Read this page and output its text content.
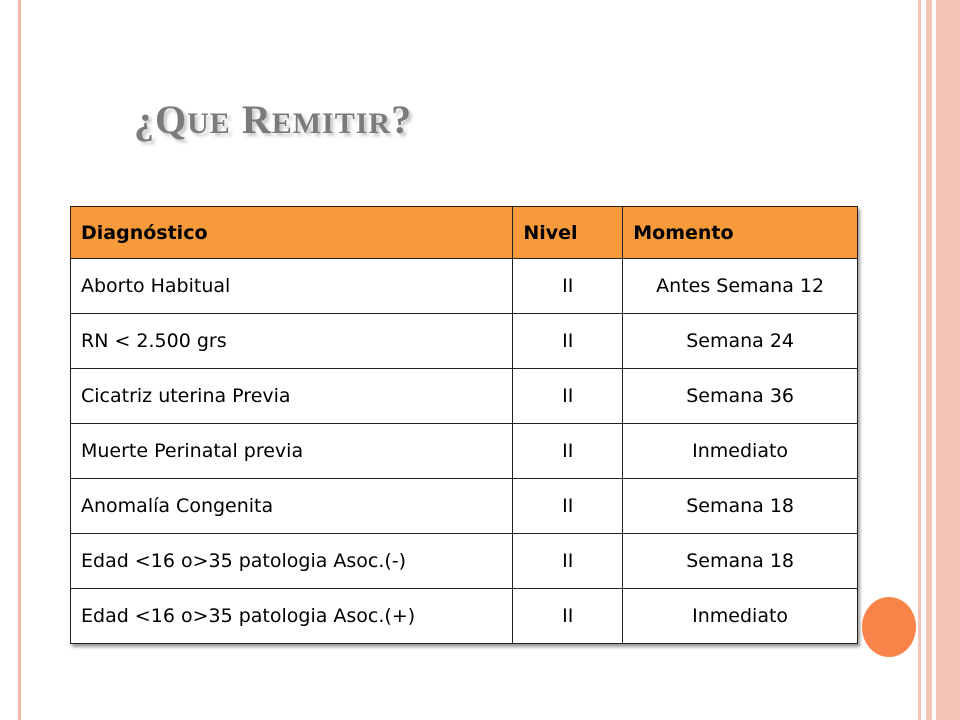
¿QUE REMITIR?
Diagnóstico	Nivel	Momento
Aborto Habitual	II	Antes Semana 12
RN < 2.500 grs	II	Semana 24
Cicatriz uterina Previa	II	Semana 36
Muerte Perinatal previa	II	Inmediato
Anomalía Congenita	II	Semana 18
Edad <16 o>35 patologia Asoc.(-)	II	Semana 18
Edad <16 o>35 patologia Asoc.(+)	II	Inmediato
